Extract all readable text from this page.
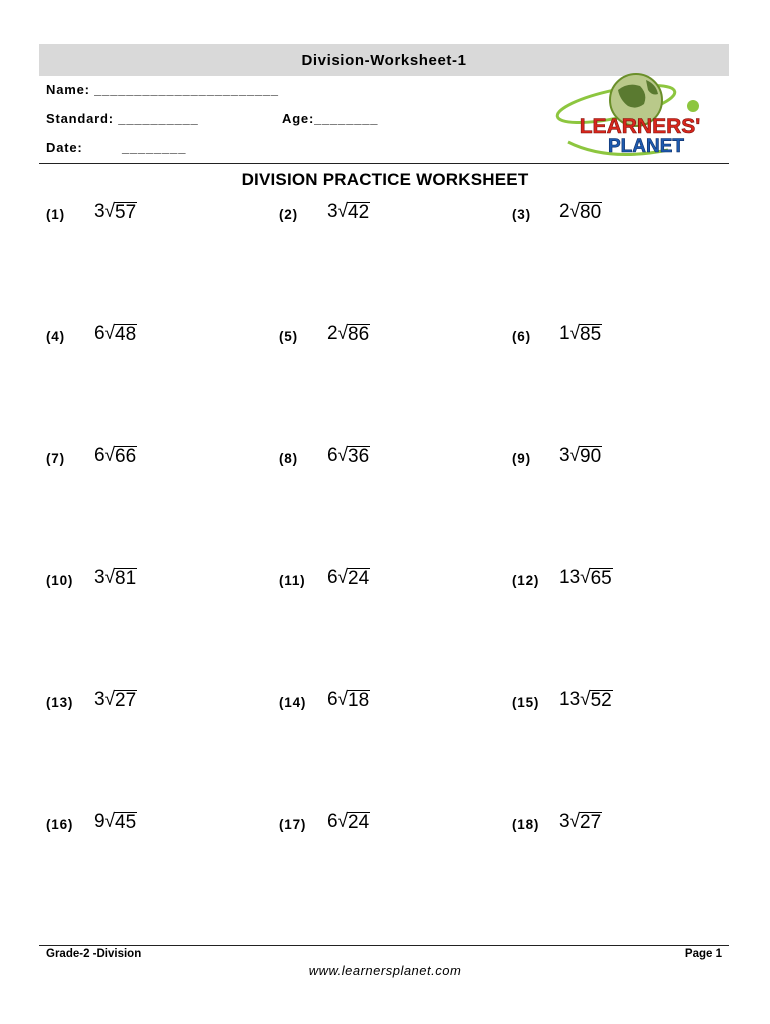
Division-Worksheet-1
Name: _______________________
Standard: __________	Age:________
Date:	________
LEARNERS'
PLANET
DIVISION PRACTICE WORKSHEET
(1) 3 √ 57	(2) 3 √ 42	(3) 2 √ 80
(4) 6 √ 48	(5) 2 √ 86	(6) 1 √ 85
(7) 6 √ 66	(8) 6 √ 36	(9) 3 √ 90
(10) 3 √ 81	(11) 6 √ 24	(12) 13 √ 65
(13) 3 √ 27	(14) 6 √ 18	(15) 13 √ 52
(16) 9 √ 45	(17) 6 √ 24	(18) 3 √ 27
Grade-2 -Division	Page 1
www.learnersplanet.com
